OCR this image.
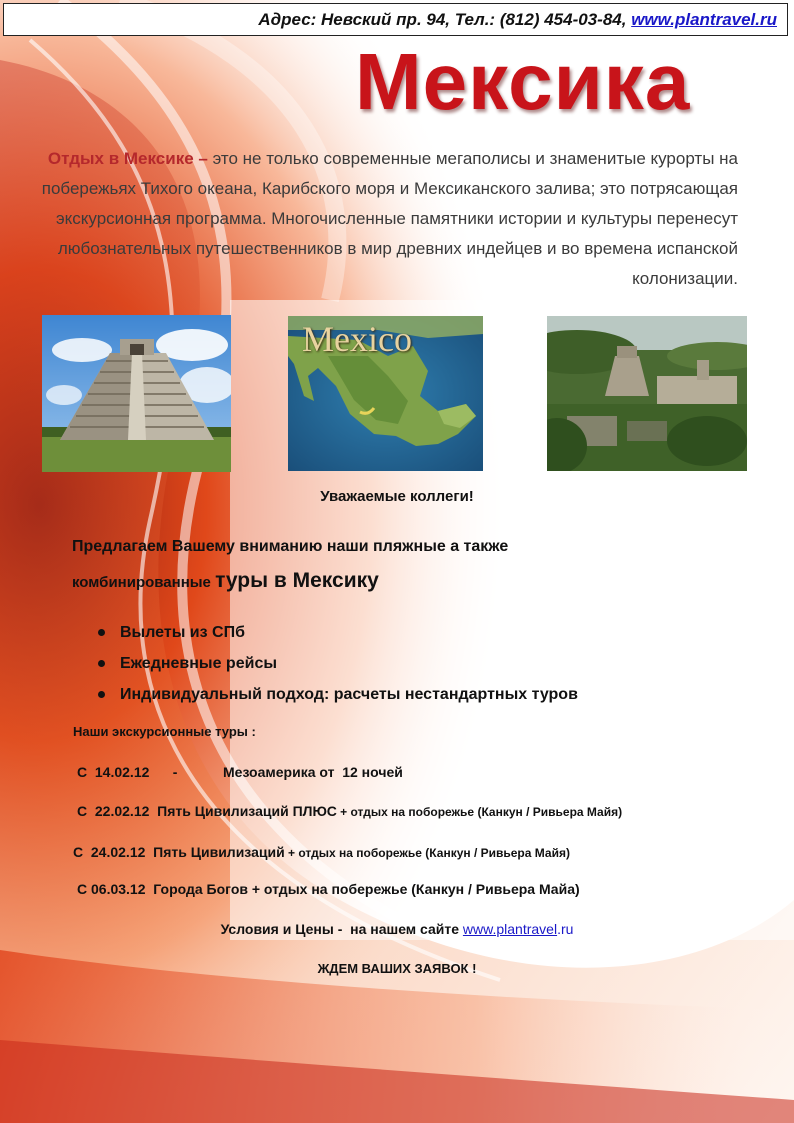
Адрес: Невский пр. 94, Тел.: (812) 454-03-84, www.plantravel.ru
Мексика
Отдых в Мексике – это не только современные мегаполисы и знаменитые курорты на побережьях Тихого океана, Карибского моря и Мексиканского залива; это потрясающая экскурсионная программа. Многочисленные памятники истории и культуры перенесут любознательных путешественников в мир древних индейцев и во времена испанской колонизации.
Mexico
Уважаемые коллеги!
Предлагаем Вашему вниманию наши пляжные а также
комбинированные туры в Мексику
Вылеты из СПб
Ежедневные рейсы
Индивидуальный подход: расчеты нестандартных туров
Наши экскурсионные туры :
С  14.02.12      -	Мезоамерика от  12 ночей
С  22.02.12 Пять Цивилизаций ПЛЮС + отдых на поборежье (Канкун / Ривьера Майя)
С  24.02.12 Пять Цивилизаций + отдых на поборежье (Канкун / Ривьера Майя)
С 06.03.12 Города Богов + отдых на побережье (Канкун / Ривьера Майа)
Условия и Цены -  на нашем сайте www.plantravel.ru
ЖДЕМ ВАШИХ ЗАЯВОК !
